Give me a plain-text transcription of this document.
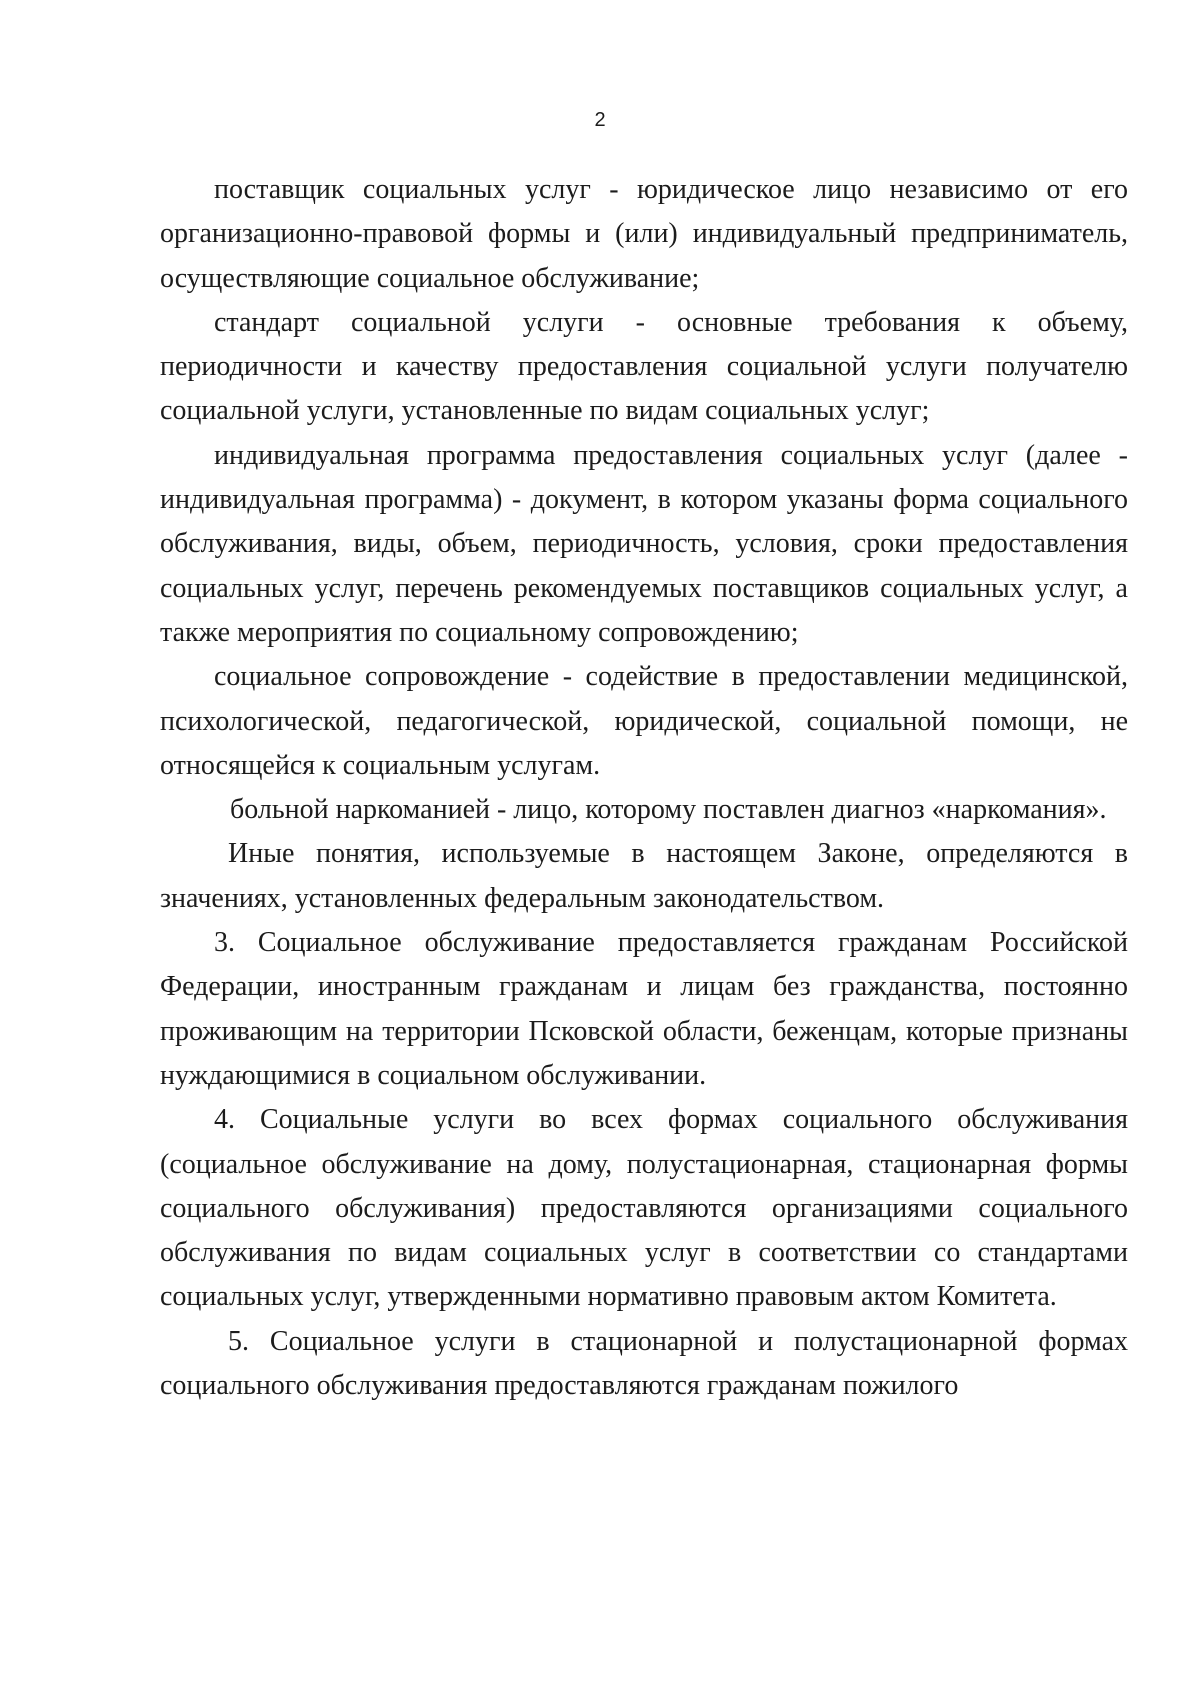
2

поставщик социальных услуг - юридическое лицо независимо от его организационно-правовой формы и (или) индивидуальный предприниматель, осуществляющие социальное обслуживание;

стандарт социальной услуги - основные требования к объему, периодичности и качеству предоставления социальной услуги получателю социальной услуги, установленные по видам социальных услуг;

индивидуальная программа предоставления социальных услуг (далее - индивидуальная программа) - документ, в котором указаны форма социального обслуживания, виды, объем, периодичность, условия, сроки предоставления социальных услуг, перечень рекомендуемых поставщиков социальных услуг, а также мероприятия по социальному сопровождению;

социальное сопровождение - содействие в предоставлении медицинской, психологической, педагогической, юридической, социальной помощи, не относящейся к социальным услугам.

больной наркоманией - лицо, которому поставлен диагноз «наркомания».

Иные понятия, используемые в настоящем Законе, определяются в значениях, установленных федеральным законодательством.

3. Социальное обслуживание предоставляется гражданам Российской Федерации, иностранным гражданам и лицам без гражданства, постоянно проживающим на территории Псковской области, беженцам, которые признаны нуждающимися в социальном обслуживании.

4. Социальные услуги во всех формах социального обслуживания (социальное обслуживание на дому, полустационарная, стационарная формы социального обслуживания) предоставляются организациями социального обслуживания по видам социальных услуг в соответствии со стандартами социальных услуг, утвержденными нормативно правовым актом Комитета.

5. Социальное услуги в стационарной и полустационарной формах социального обслуживания предоставляются гражданам пожилого
